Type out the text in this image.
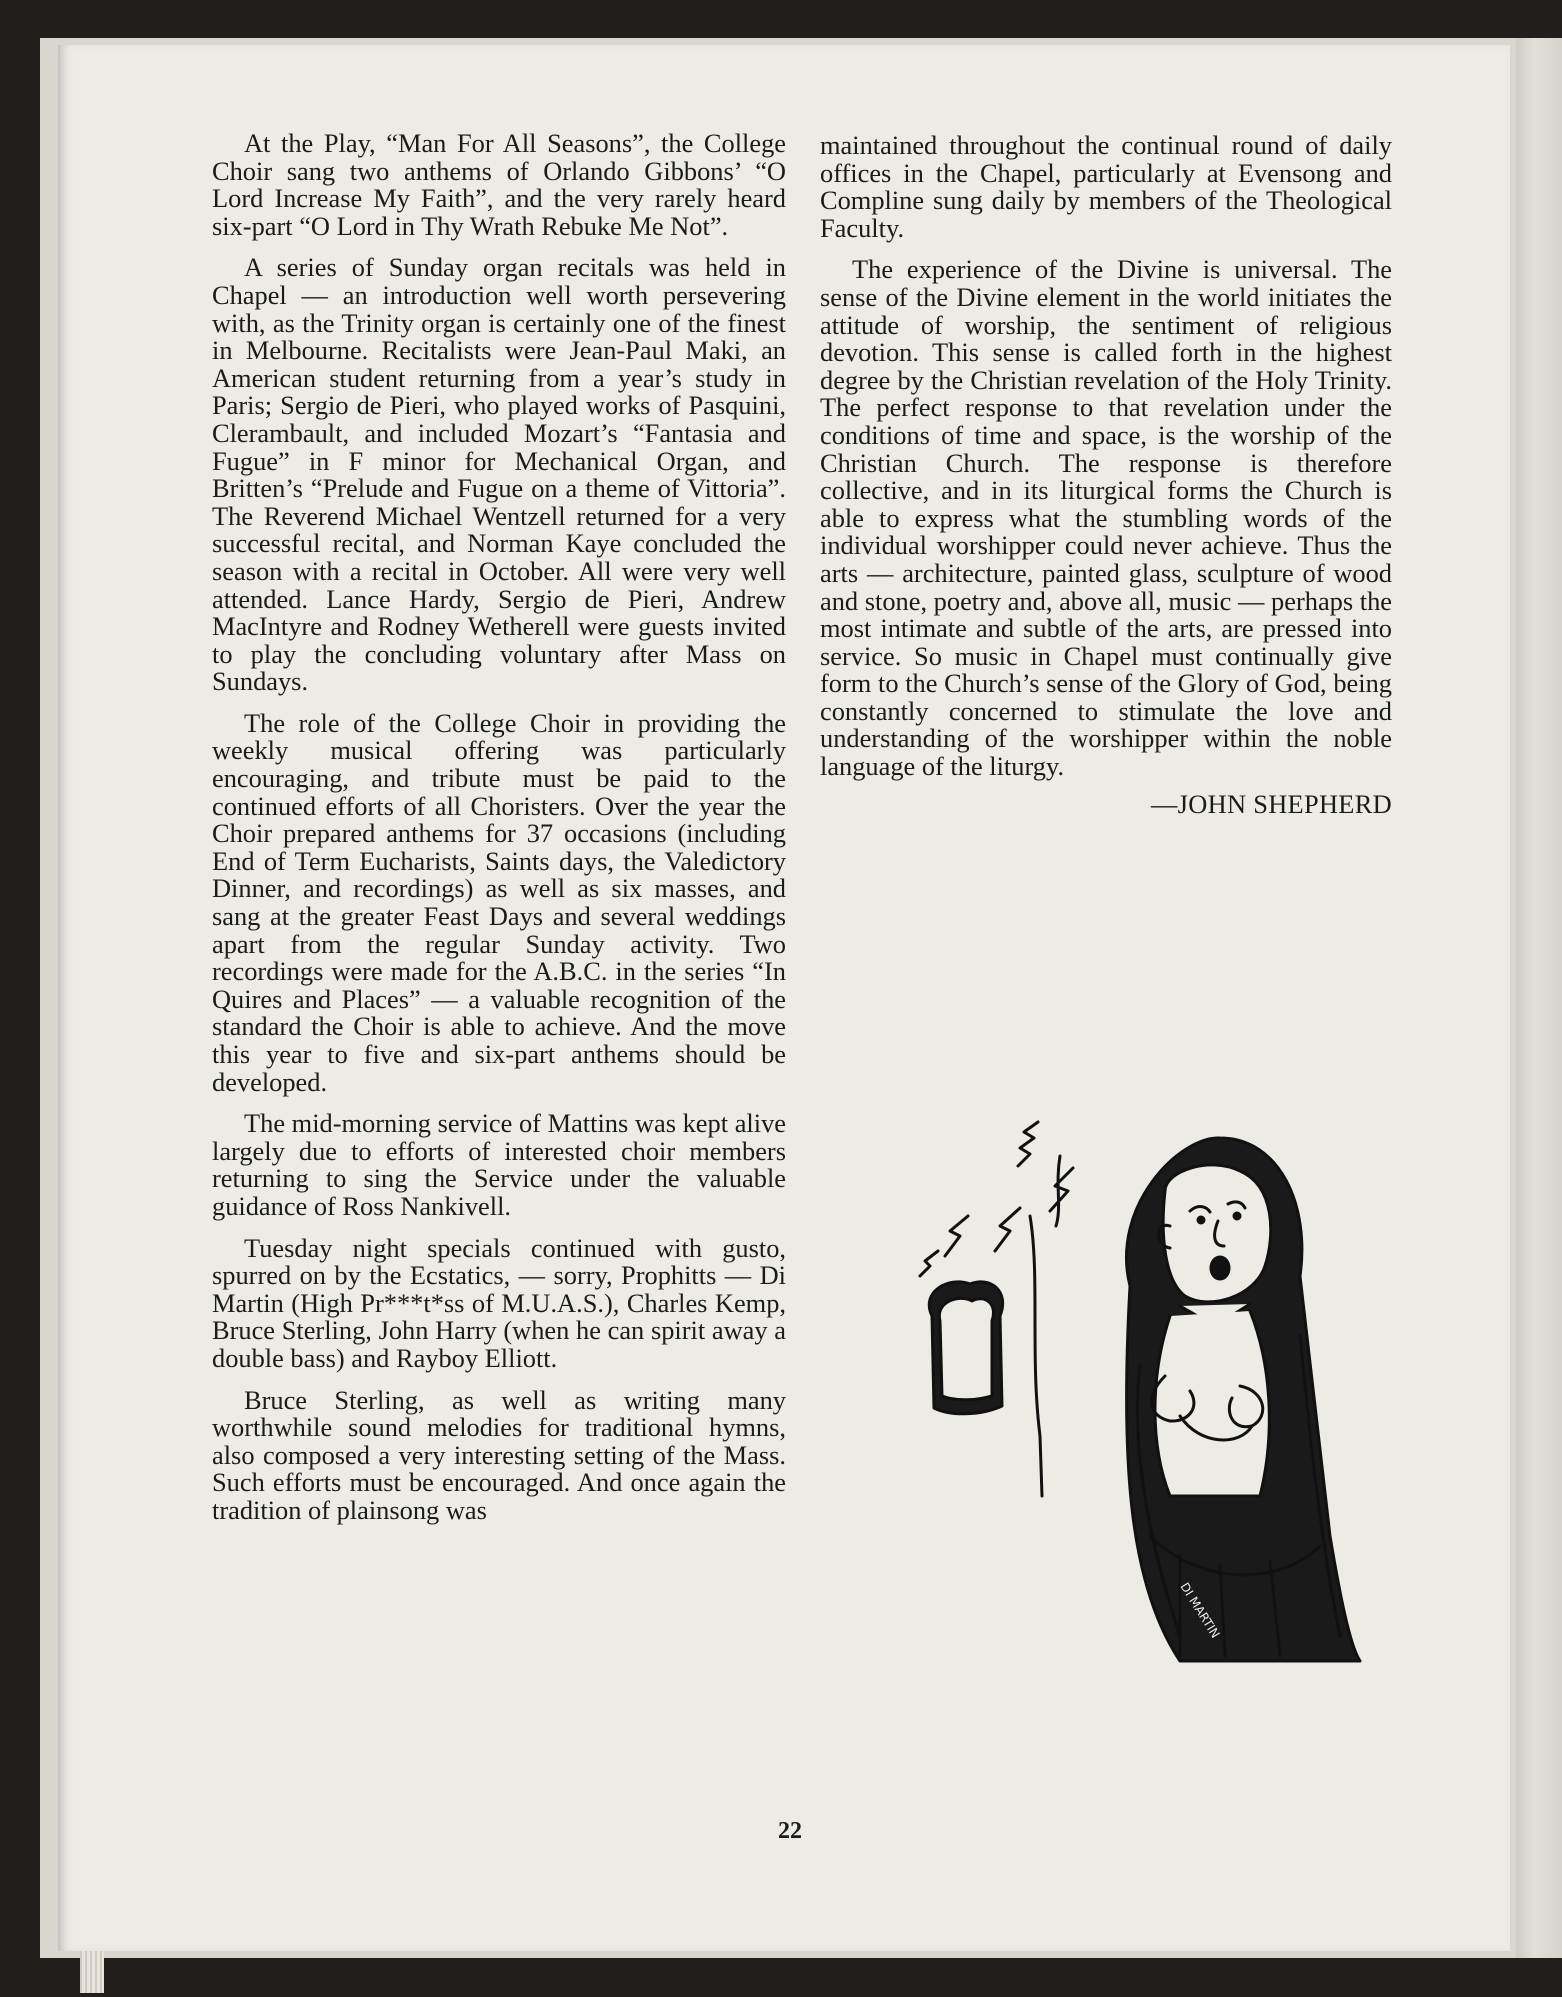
At the Play, “Man For All Seasons”, the College Choir sang two anthems of Orlando Gibbons’ “O Lord Increase My Faith”, and the very rarely heard six-part “O Lord in Thy Wrath Rebuke Me Not”.

A series of Sunday organ recitals was held in Chapel — an introduction well worth persevering with, as the Trinity organ is certainly one of the finest in Melbourne. Recitalists were Jean-Paul Maki, an American student returning from a year’s study in Paris; Sergio de Pieri, who played works of Pasquini, Clerambault, and included Mozart’s “Fantasia and Fugue” in F minor for Mechanical Organ, and Britten’s “Prelude and Fugue on a theme of Vittoria”. The Reverend Michael Wentzell returned for a very successful recital, and Norman Kaye concluded the season with a recital in October. All were very well attended. Lance Hardy, Sergio de Pieri, Andrew MacIntyre and Rodney Wetherell were guests invited to play the concluding voluntary after Mass on Sundays.

The role of the College Choir in providing the weekly musical offering was particularly encouraging, and tribute must be paid to the continued efforts of all Choristers. Over the year the Choir prepared anthems for 37 occasions (including End of Term Eucharists, Saints days, the Valedictory Dinner, and recordings) as well as six masses, and sang at the greater Feast Days and several weddings apart from the regular Sunday activity. Two recordings were made for the A.B.C. in the series “In Quires and Places” — a valuable recognition of the standard the Choir is able to achieve. And the move this year to five and six-part anthems should be developed.

The mid-morning service of Mattins was kept alive largely due to efforts of interested choir members returning to sing the Service under the valuable guidance of Ross Nankivell.

Tuesday night specials continued with gusto, spurred on by the Ecstatics, — sorry, Prophitts — Di Martin (High Pr***t*ss of M.U.A.S.), Charles Kemp, Bruce Sterling, John Harry (when he can spirit away a double bass) and Rayboy Elliott.

Bruce Sterling, as well as writing many worthwhile sound melodies for traditional hymns, also composed a very interesting setting of the Mass. Such efforts must be encouraged. And once again the tradition of plainsong was

maintained throughout the continual round of daily offices in the Chapel, particularly at Evensong and Compline sung daily by members of the Theological Faculty.

The experience of the Divine is universal. The sense of the Divine element in the world initiates the attitude of worship, the sentiment of religious devotion. This sense is called forth in the highest degree by the Christian revelation of the Holy Trinity. The perfect response to that revelation under the conditions of time and space, is the worship of the Christian Church. The response is therefore collective, and in its liturgical forms the Church is able to express what the stumbling words of the individual worshipper could never achieve. Thus the arts — architecture, painted glass, sculpture of wood and stone, poetry and, above all, music — perhaps the most intimate and subtle of the arts, are pressed into service. So music in Chapel must continually give form to the Church’s sense of the Glory of God, being constantly concerned to stimulate the love and understanding of the worshipper within the noble language of the liturgy.

—JOHN SHEPHERD
DI MARTIN
22
